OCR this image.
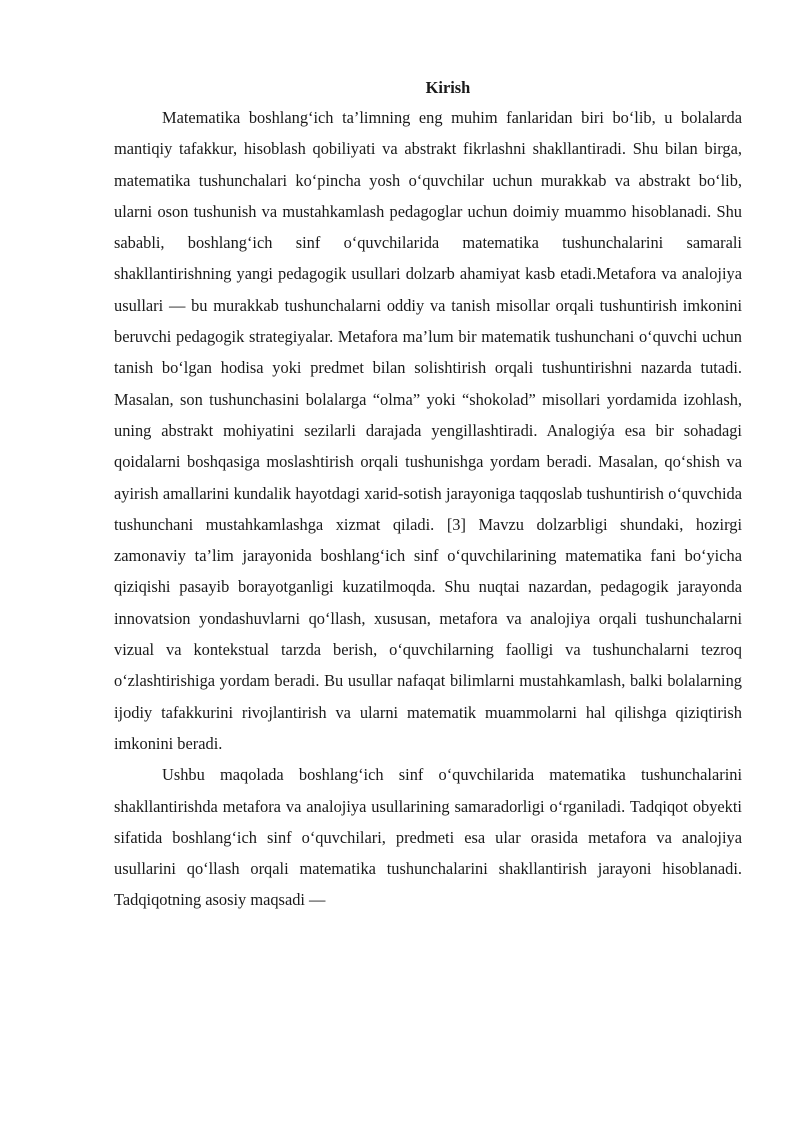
Kirish

Matematika boshlang‘ich ta’limning eng muhim fanlaridan biri bo‘lib, u bolalarda mantiqiy tafakkur, hisoblash qobiliyati va abstrakt fikrlashni shakllantiradi. Shu bilan birga, matematika tushunchalari ko‘pincha yosh o‘quvchilar uchun murakkab va abstrakt bo‘lib, ularni oson tushunish va mustahkamlash pedagoglar uchun doimiy muammo hisoblanadi. Shu sababli, boshlang‘ich sinf o‘quvchilarida matematika tushunchalarini samarali shakllantirishning yangi pedagogik usullari dolzarb ahamiyat kasb etadi.Metafora va analojiya usullari — bu murakkab tushunchalarni oddiy va tanish misollar orqali tushuntirish imkonini beruvchi pedagogik strategiyalar. Metafora ma’lum bir matematik tushunchani o‘quvchi uchun tanish bo‘lgan hodisa yoki predmet bilan solishtirish orqali tushuntirishni nazarda tutadi. Masalan, son tushunchasini bolalarga “olma” yoki “shokolad” misollari yordamida izohlash, uning abstrakt mohiyatini sezilarli darajada yengillashtiradi. Analogiýa esa bir sohadagi qoidalarni boshqasiga moslashtirish orqali tushunishga yordam beradi. Masalan, qo‘shish va ayirish amallarini kundalik hayotdagi xarid-sotish jarayoniga taqqoslab tushuntirish o‘quvchida tushunchani mustahkamlashga xizmat qiladi. [3] Mavzu dolzarbligi shundaki, hozirgi zamonaviy ta’lim jarayonida boshlang‘ich sinf o‘quvchilarining matematika fani bo‘yicha qiziqishi pasayib borayotganligi kuzatilmoqda. Shu nuqtai nazardan, pedagogik jarayonda innovatsion yondashuvlarni qo‘llash, xususan, metafora va analojiya orqali tushunchalarni vizual va kontekstual tarzda berish, o‘quvchilarning faolligi va tushunchalarni tezroq o‘zlashtirishiga yordam beradi. Bu usullar nafaqat bilimlarni mustahkamlash, balki bolalarning ijodiy tafakkurini rivojlantirish va ularni matematik muammolarni hal qilishga qiziqtirish imkonini beradi.

Ushbu maqolada boshlang‘ich sinf o‘quvchilarida matematika tushunchalarini shakllantirishda metafora va analojiya usullarining samaradorligi o‘rganiladi. Tadqiqot obyekti sifatida boshlang‘ich sinf o‘quvchilari, predmeti esa ular orasida metafora va analojiya usullarini qo‘llash orqali matematika tushunchalarini shakllantirish jarayoni hisoblanadi. Tadqiqotning asosiy maqsadi —
